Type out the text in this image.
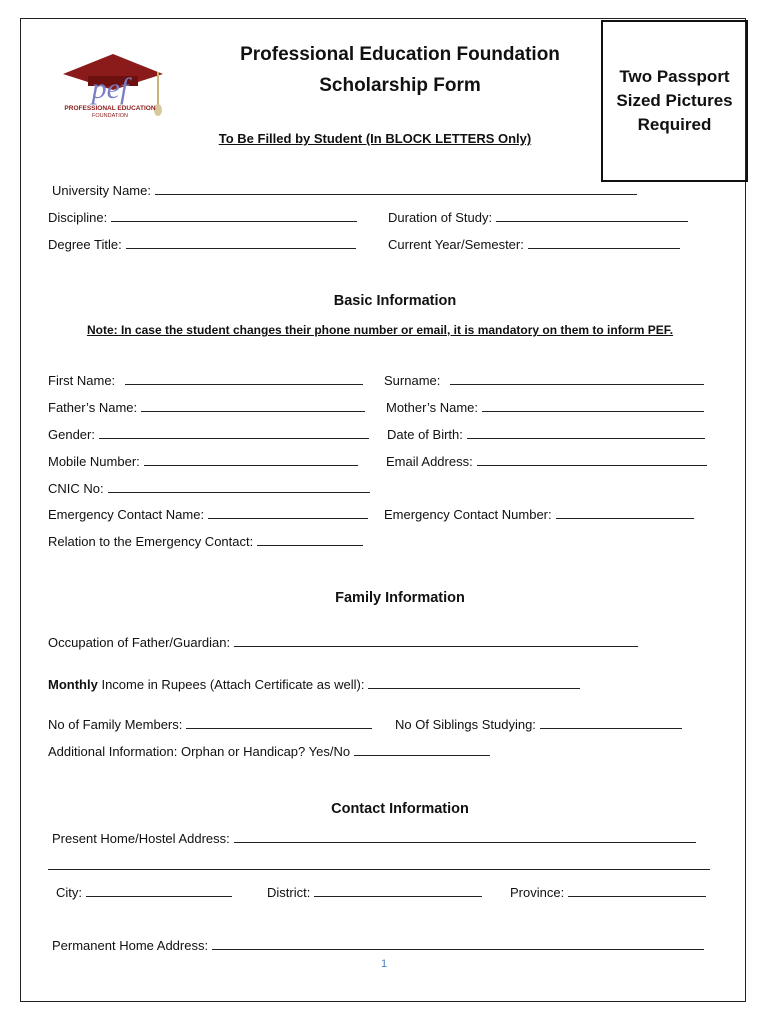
pef
PROFESSIONAL EDUCATION
FOUNDATION
Professional Education Foundation
Scholarship Form	Two Passport
Sized Pictures
Required
To Be Filled by Student (In BLOCK LETTERS Only)
University Name:
Discipline:	Duration of Study:
Degree Title:	Current Year/Semester:
Basic Information
Note: In case the student changes their phone number or email, it is mandatory on them to inform PEF.
First Name:	Surname:
Father’s Name:	Mother’s Name:
Gender:	Date of Birth:
Mobile Number:	Email Address:
CNIC No:
Emergency Contact Name:	Emergency Contact Number:
Relation to the Emergency Contact:
Family Information
Occupation of Father/Guardian:
Monthly Income in Rupees (Attach Certificate as well):
No of Family Members:	No Of Siblings Studying:
Additional Information: Orphan or Handicap? Yes/No
Contact Information
Present Home/Hostel Address:
City:	District:	Province:
Permanent Home Address:
1
